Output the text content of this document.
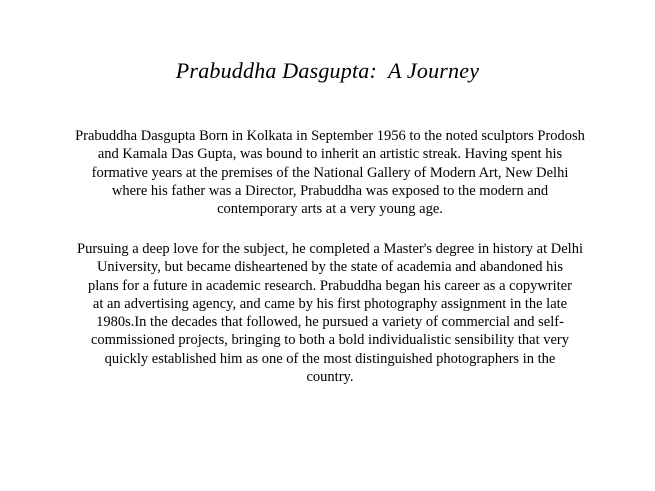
Prabuddha Dasgupta:  A Journey
Prabuddha Dasgupta Born in Kolkata in September 1956 to the noted sculptors Prodosh
and Kamala Das Gupta, was bound to inherit an artistic streak. Having spent his
formative years at the premises of the National Gallery of Modern Art, New Delhi
where his father was a Director, Prabuddha was exposed to the modern and
contemporary arts at a very young age.
Pursuing a deep love for the subject, he completed a Master's degree in history at Delhi
University, but became disheartened by the state of academia and abandoned his
plans for a future in academic research. Prabuddha began his career as a copywriter
at an advertising agency, and came by his first photography assignment in the late
1980s.In the decades that followed, he pursued a variety of commercial and self-
commissioned projects, bringing to both a bold individualistic sensibility that very
quickly established him as one of the most distinguished photographers in the
country.
